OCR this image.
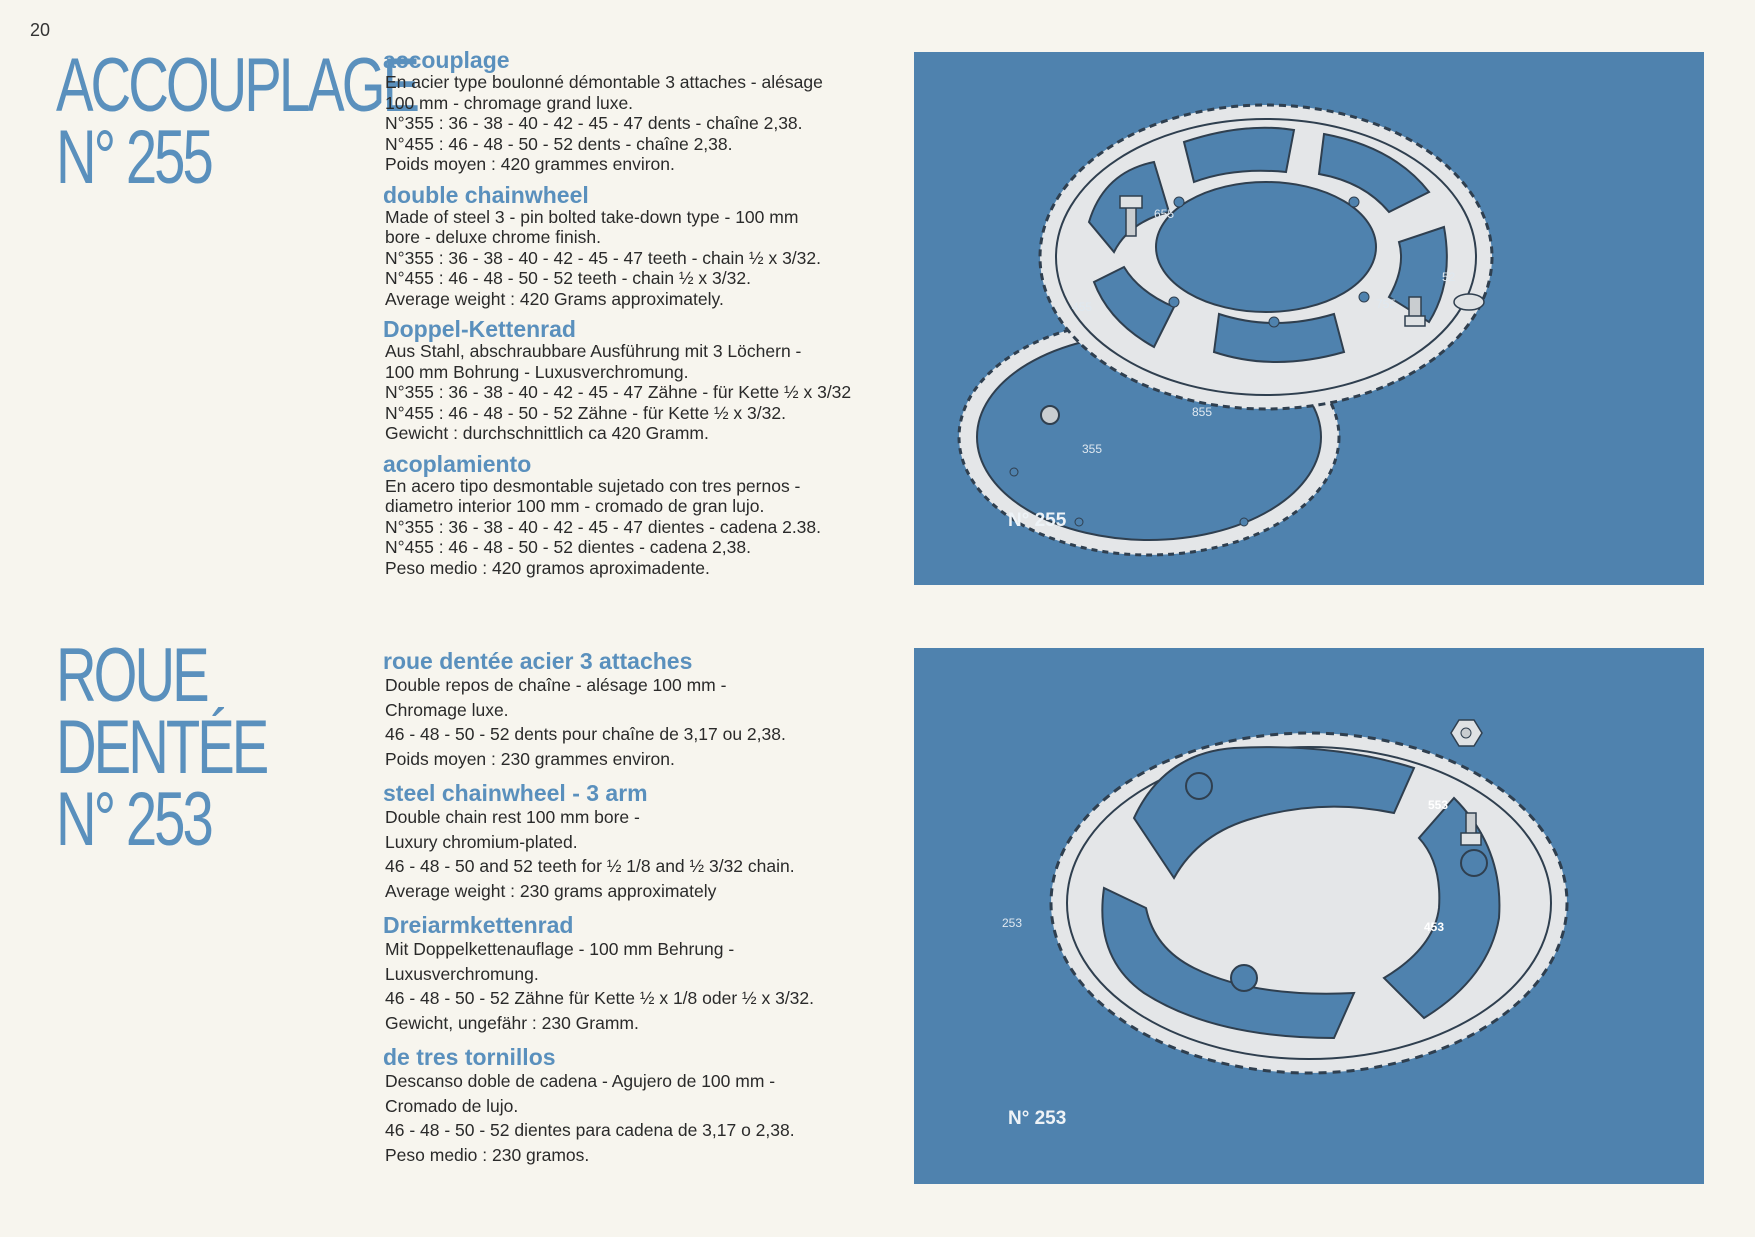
20
ACCOUPLAGE
N° 255
accouplage
En acier type boulonné démontable 3 attaches - alésage
100 mm - chromage grand luxe.
N°355 : 36 - 38 - 40 - 42 - 45 - 47 dents - chaîne 2,38.
N°455 : 46 - 48 - 50 - 52 dents - chaîne 2,38.
Poids moyen : 420 grammes environ.
double chainwheel
Made of steel 3 - pin bolted take-down type - 100 mm
bore - deluxe chrome finish.
N°355 : 36 - 38 - 40 - 42 - 45 - 47 teeth - chain ½ x 3/32.
N°455 : 46 - 48 - 50 - 52 teeth - chain ½ x 3/32.
Average weight : 420 Grams approximately.
Doppel-Kettenrad
Aus Stahl, abschraubbare Ausführung mit 3 Löchern -
100 mm Bohrung - Luxusverchromung.
N°355 : 36 - 38 - 40 - 42 - 45 - 47 Zähne - für Kette ½ x 3/32
N°455 : 46 - 48 - 50 - 52 Zähne - für Kette ½ x 3/32.
Gewicht : durchschnittlich ca 420 Gramm.
acoplamiento
En acero tipo desmontable sujetado con tres pernos -
diametro interior 100 mm - cromado de gran lujo.
N°355 : 36 - 38 - 40 - 42 - 45 - 47 dientes - cadena 2.38.
N°455 : 46 - 48 - 50 - 52 dientes - cadena 2,38.
Peso medio : 420 gramos aproximadente.
655
455
52
755
855
355
N° 255
ROUE
DENTÉE
N° 253
roue dentée acier 3 attaches
Double repos de chaîne - alésage 100 mm -
Chromage luxe.
46 - 48 - 50 - 52 dents pour chaîne de 3,17 ou 2,38.
Poids moyen : 230 grammes environ.
steel chainwheel - 3 arm
Double chain rest 100 mm bore -
Luxury chromium-plated.
46 - 48 - 50 and 52 teeth for ½ 1/8 and ½ 3/32 chain.
Average weight : 230 grams approximately
Dreiarmkettenrad
Mit Doppelkettenauflage - 100 mm Behrung -
Luxusverchromung.
46 - 48 - 50 - 52 Zähne für Kette ½ x 1/8 oder ½ x 3/32.
Gewicht, ungefähr : 230 Gramm.
de tres tornillos
Descanso doble de cadena - Agujero de 100 mm -
Cromado de lujo.
46 - 48 - 50 - 52 dientes para cadena de 3,17 o 2,38.
Peso medio : 230 gramos.
553
253	453
N° 253
